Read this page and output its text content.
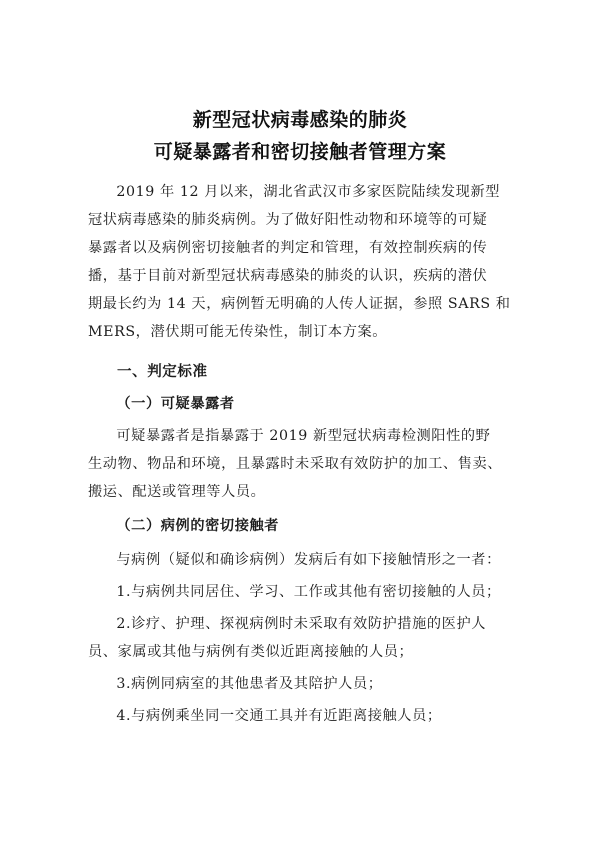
新型冠状病毒感染的肺炎
可疑暴露者和密切接触者管理方案
2019 年 12 月以来，湖北省武汉市多家医院陆续发现新型
冠状病毒感染的肺炎病例。为了做好阳性动物和环境等的可疑
暴露者以及病例密切接触者的判定和管理，有效控制疾病的传
播，基于目前对新型冠状病毒感染的肺炎的认识，疾病的潜伏
期最长约为 14 天，病例暂无明确的人传人证据，参照 SARS 和
MERS，潜伏期可能无传染性，制订本方案。
一、判定标准
（一）可疑暴露者
可疑暴露者是指暴露于 2019 新型冠状病毒检测阳性的野
生动物、物品和环境，且暴露时未采取有效防护的加工、售卖、
搬运、配送或管理等人员。
（二）病例的密切接触者
与病例（疑似和确诊病例）发病后有如下接触情形之一者：
1.与病例共同居住、学习、工作或其他有密切接触的人员；
2.诊疗、护理、探视病例时未采取有效防护措施的医护人
员、家属或其他与病例有类似近距离接触的人员；
3.病例同病室的其他患者及其陪护人员；
4.与病例乘坐同一交通工具并有近距离接触人员；
